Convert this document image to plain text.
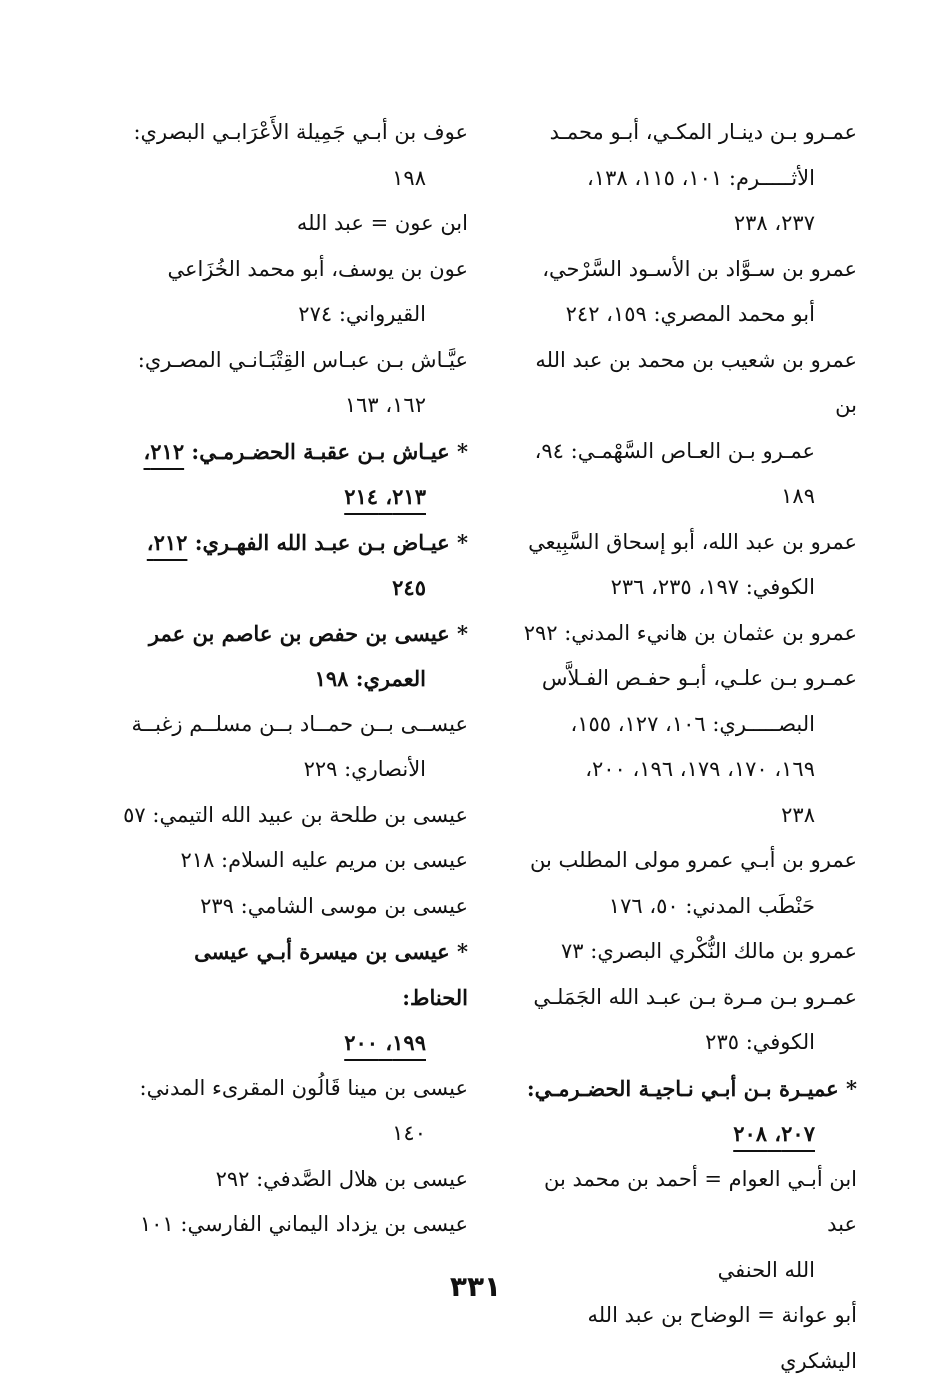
عمـرو بـن دينـار المكـي، أبـو محمـد

الأثـــــرم: ١٠١، ١١٥، ١٣٨،

٢٣٧، ٢٣٨

عمرو بن سـوَّاد بن الأسـود السَّرْحي،

أبو محمد المصري: ١٥٩، ٢٤٢

عمرو بن شعيب بن محمد بن عبد الله بن

عمـرو بـن العـاص السَّهْمـي: ٩٤،

١٨٩

عمرو بن عبد الله، أبو إسحاق السَّبِيعي

الكوفي: ١٩٧، ٢٣٥، ٢٣٦

عمرو بن عثمان بن هانيء المدني: ٢٩٢
عمـرو بـن علـي، أبـو حفـص الفـلاَّس

البصـــــري: ١٠٦، ١٢٧، ١٥٥،

١٦٩، ١٧٠، ١٧٩، ١٩٦، ٢٠٠،

٢٣٨

عمرو بن أبـي عمرو مولى المطلب بن

حَنْطَب المدني: ٥٠، ١٧٦

عمرو بن مالك النُّكْري البصري: ٧٣
عمـرو بـن مـرة بـن عبـد الله الجَمَلـي

الكوفي: ٢٣٥

* عميـرة بـن أبـي نـاجيـة الحضـرمـي:

٢٠٧، ٢٠٨

ابن أبـي العوام = أحمد بن محمد بن عبد

الله الحنفي

أبو عوانة = الوضاح بن عبد الله اليشكري
عوف بن أبـي جَمِيلة الأَعْرَابـي البصري:

١٩٨

ابن عون = عبد الله
عون بن يوسف، أبو محمد الخُزَاعي

القيرواني: ٢٧٤

عيَّـاش بـن عبـاس القِتْبَـانـي المصـري:

١٦٢، ١٦٣

* عيـاش بـن عقبـة الحضـرمـي: ٢١٢،

٢١٣، ٢١٤

* عيـاض بـن عبـد الله الفهـري: ٢١٢،

٢٤٥

* عيسى بن حفص بن عاصم بن عمر

العمري: ١٩٨

عيســى بــن حمــاد بــن مسلــم زغبــة

الأنصاري: ٢٢٩

عيسى بن طلحة بن عبيد الله التيمي: ٥٧
عيسى بن مريم عليه السلام: ٢١٨
عيسى بن موسى الشامي: ٢٣٩
* عيسى بن ميسرة أبـي عيسى الحناط:

١٩٩، ٢٠٠

عيسى بن مينا قَالُون المقرىء المدني:

١٤٠

عيسى بن هلال الصَّدفي: ٢٩٢
عيسى بن يزداد اليماني الفارسي: ١٠١
٣٣١
